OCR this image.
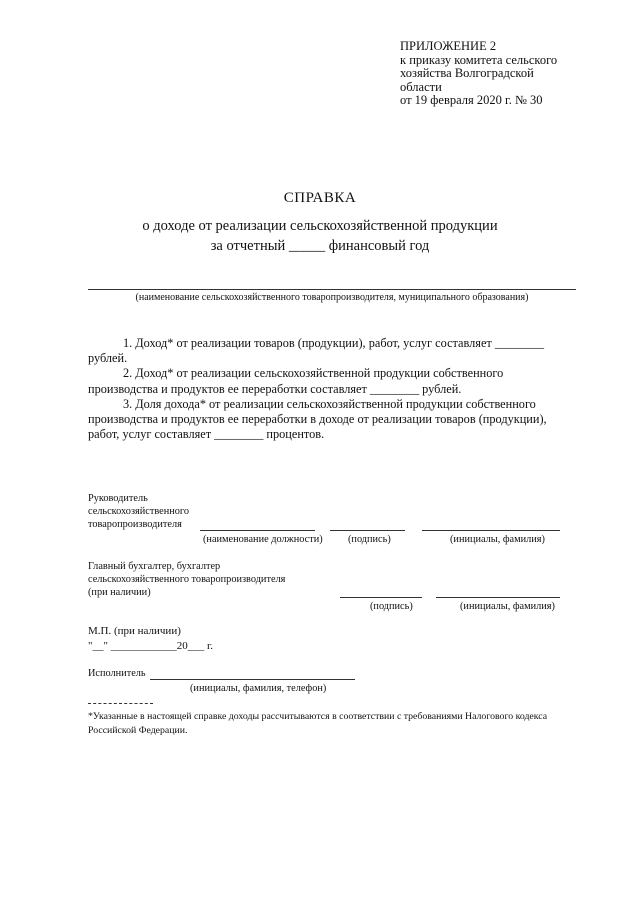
ПРИЛОЖЕНИЕ 2
к приказу комитета сельского
хозяйства Волгоградской
области
от 19 февраля 2020 г. № 30
СПРАВКА
о доходе от реализации сельскохозяйственной продукции
за отчетный _____ финансовый год
(наименование сельскохозяйственного товаропроизводителя, муниципального образования)

1. Доход* от реализации товаров (продукции), работ, услуг составляет ________

рублей.

2. Доход* от реализации сельскохозяйственной продукции собственного

производства и продуктов ее переработки составляет ________ рублей.

3. Доля дохода* от реализации сельскохозяйственной продукции собственного

производства и продуктов ее переработки в доходе от реализации товаров (продукции),

работ, услуг составляет ________ процентов.

Руководитель
сельскохозяйственного
товаропроизводителя
(наименование должности) (подпись)	(инициалы, фамилия)
Главный бухгалтер, бухгалтер
сельскохозяйственного товаропроизводителя
(при наличии)
(подпись)	(инициалы, фамилия)
М.П. (при наличии)
"__" ____________20___ г.
Исполнитель
(инициалы, фамилия, телефон)
*Указанные в настоящей справке доходы рассчитываются в соответствии с требованиями Налогового кодекса Российской Федерации.
